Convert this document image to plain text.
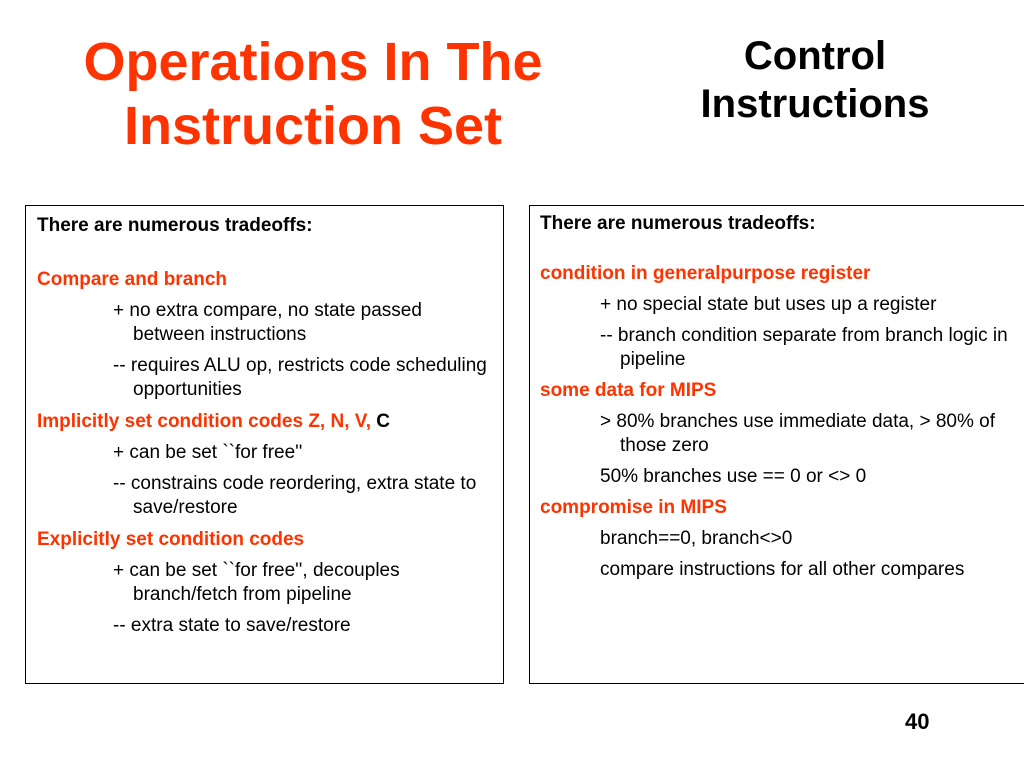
Operations In The
Instruction Set
Control
Instructions

There are numerous tradeoffs:

Compare and branch

+ no extra compare, no state passed between instructions

-- requires ALU op, restricts code scheduling opportunities

Implicitly set condition codes Z, N, V, C

+ can be set ``for free''

-- constrains code reordering, extra state to save/restore

Explicitly set condition codes

+ can be set ``for free'', decouples branch/fetch from pipeline

-- extra state to save/restore

There are numerous tradeoffs:

condition in generalpurpose register

+ no special state but uses up a register

-- branch condition separate from branch logic in pipeline

some data for MIPS

> 80% branches use immediate data, > 80% of those zero

50% branches use == 0 or <> 0

compromise in MIPS

branch==0, branch<>0

compare instructions for all other compares

40
